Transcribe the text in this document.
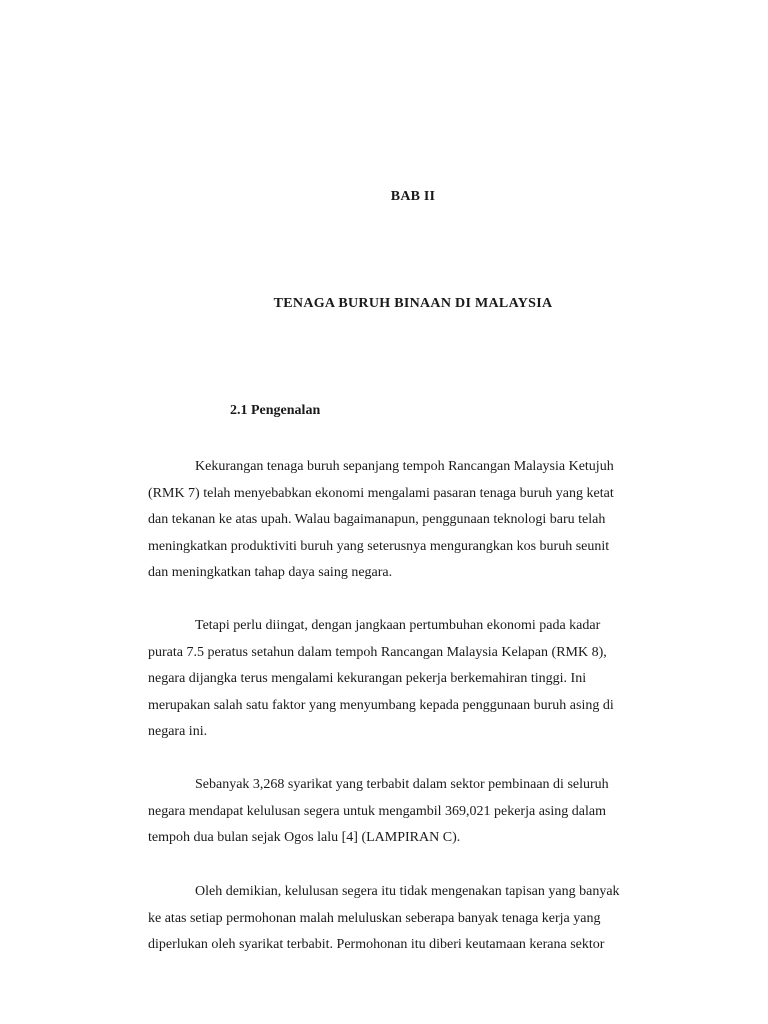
BAB II
TENAGA BURUH BINAAN DI MALAYSIA
2.1 Pengenalan
Kekurangan tenaga buruh sepanjang tempoh Rancangan Malaysia Ketujuh
(RMK 7) telah menyebabkan ekonomi mengalami pasaran tenaga buruh yang ketat
dan tekanan ke atas upah. Walau bagaimanapun, penggunaan teknologi baru telah
meningkatkan produktiviti buruh yang seterusnya mengurangkan kos buruh seunit
dan meningkatkan tahap daya saing negara.
Tetapi perlu diingat, dengan jangkaan pertumbuhan ekonomi pada kadar
purata 7.5 peratus setahun dalam tempoh Rancangan Malaysia Kelapan (RMK 8),
negara dijangka terus mengalami kekurangan pekerja berkemahiran tinggi. Ini
merupakan salah satu faktor yang menyumbang kepada penggunaan buruh asing di
negara ini.
Sebanyak 3,268 syarikat yang terbabit dalam sektor pembinaan di seluruh
negara mendapat kelulusan segera untuk mengambil 369,021 pekerja asing dalam
tempoh dua bulan sejak Ogos lalu [4] (LAMPIRAN C).
Oleh demikian, kelulusan segera itu tidak mengenakan tapisan yang banyak
ke atas setiap permohonan malah meluluskan seberapa banyak tenaga kerja yang
diperlukan oleh syarikat terbabit. Permohonan itu diberi keutamaan kerana sektor
